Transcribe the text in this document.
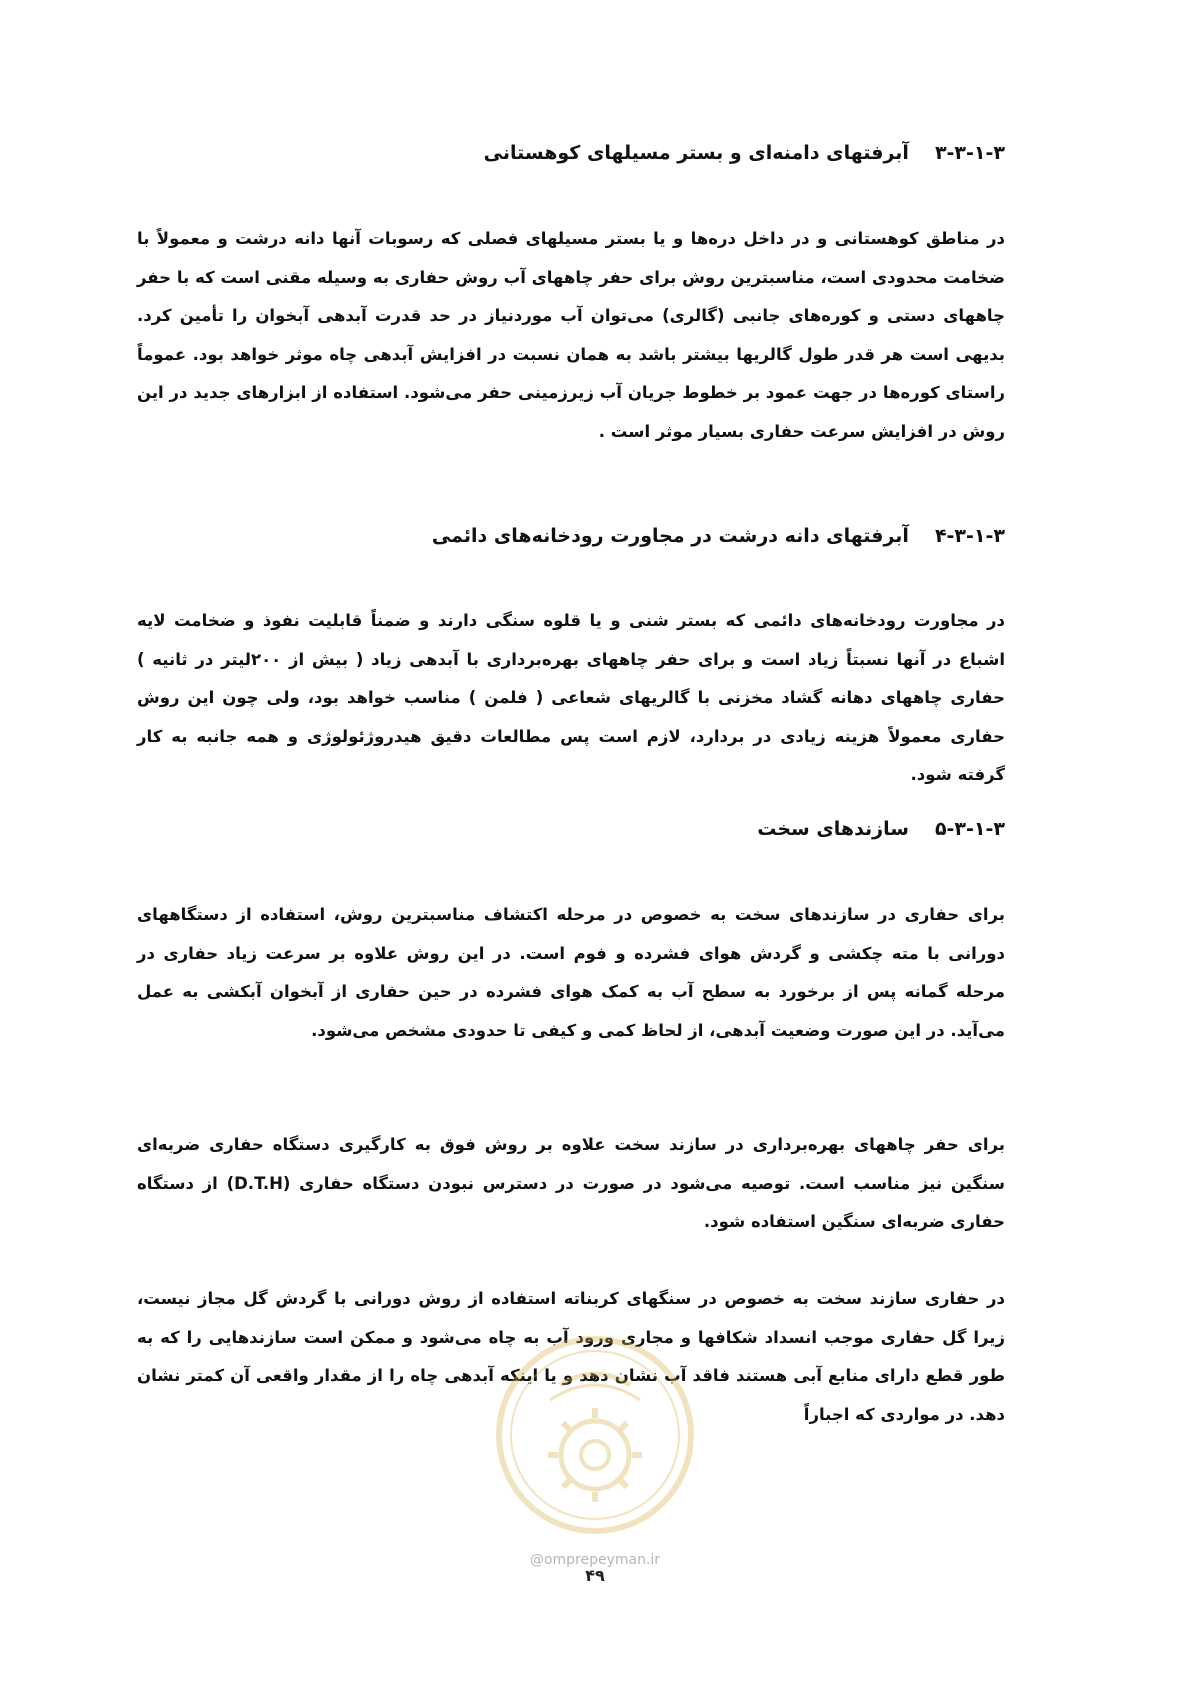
۳-۳-۱-۳آبرفتهای دامنه‌ای و بستر مسیلهای کوهستانی

در مناطق کوهستانی و در داخل دره‌ها و یا بستر مسیلهای فصلی که رسوبات آنها دانه درشت و معمولاً با ضخامت محدودی است، مناسبترین روش برای حفر چاههای آب روش حفاری به وسیله مقنی است که با حفر چاههای دستی و کوره‌های جانبی (گالری) می‌توان آب موردنیاز در حد قدرت آبدهی آبخوان را تأمین کرد. بدیهی است هر قدر طول گالریها بیشتر باشد به همان نسبت در افزایش آبدهی چاه موثر خواهد بود. عموماً راستای کوره‌ها در جهت عمود بر خطوط جریان آب زیرزمینی حفر می‌شود. استفاده از ابزارهای جدید در این روش در افزایش سرعت حفاری بسیار موثر است .

۴-۳-۱-۳آبرفتهای دانه درشت در مجاورت رودخانه‌های دائمی

در مجاورت رودخانه‌های دائمی که بستر شنی و یا قلوه سنگی دارند و ضمناً قابلیت نفوذ و ضخامت لایه اشباع در آنها نسبتاً زیاد است و برای حفر چاههای بهره‌برداری با آبدهی زیاد ( بیش از ۲۰۰لیتر در ثانیه ) حفاری چاههای دهانه گشاد مخزنی با گالریهای شعاعی ( فلمن ) مناسب خواهد بود، ولی چون این روش حفاری معمولاً هزینه زیادی در بردارد، لازم است پس مطالعات دقیق هیدروژئولوژی و همه جانبه به کار گرفته شود.

۵-۳-۱-۳سازندهای سخت

برای حفاری در سازندهای سخت به خصوص در مرحله اکتشاف مناسبترین روش، استفاده از دستگاههای دورانی با مته چکشی و گردش هوای فشرده و فوم است. در این روش علاوه بر سرعت زیاد حفاری در مرحله گمانه پس از برخورد به سطح آب به کمک هوای فشرده در حین حفاری از آبخوان آبکشی به عمل می‌آید. در این صورت وضعیت آبدهی، از لحاظ کمی و کیفی تا حدودی مشخص می‌شود.

برای حفر چاههای بهره‌برداری در سازند سخت علاوه بر روش فوق به کارگیری دستگاه حفاری ضربه‌ای سنگین نیز مناسب است. توصیه می‌شود در صورت در دسترس نبودن دستگاه حفاری (D.T.H) از دستگاه حفاری ضربه‌ای سنگین استفاده شود.

در حفاری سازند سخت به خصوص در سنگهای کربناته استفاده از روش دورانی با گردش گل مجاز نیست، زیرا گل حفاری موجب انسداد شکافها و مجاری ورود آب به چاه می‌شود و ممکن است سازندهایی را که به طور قطع دارای منابع آبی هستند فاقد آب نشان دهد و یا اینکه آبدهی چاه را از مقدار واقعی آن کمتر نشان دهد. در مواردی که اجباراً

@omprepeyman.ir
۴۹
